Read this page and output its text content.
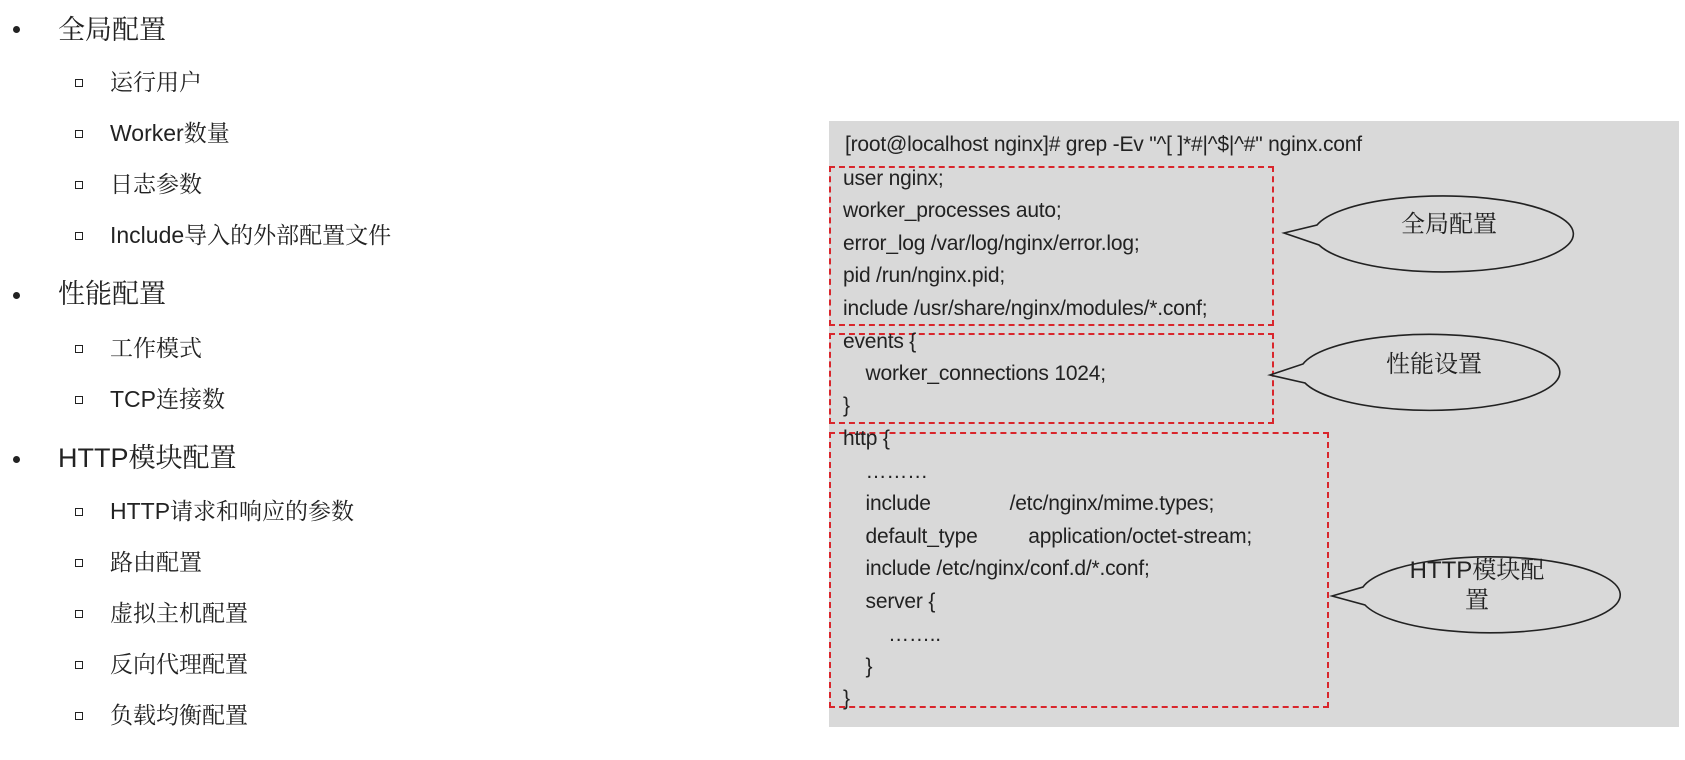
全局配置
运行用户
Worker数量
日志参数
Include导入的外部配置文件
性能配置
工作模式
TCP连接数
HTTP模块配置
HTTP请求和响应的参数
路由配置
虚拟主机配置
反向代理配置
负载均衡配置
[root@localhost nginx]# grep -Ev "^[ ]*#|^$|^#" nginx.conf
user nginx;
worker_processes auto;
error_log /var/log/nginx/error.log;
pid /run/nginx.pid;
include /usr/share/nginx/modules/*.conf;
events {
worker_connections 1024;
}
http {
………
include              /etc/nginx/mime.types;
default_type         application/octet-stream;
include /etc/nginx/conf.d/*.conf;
server {
……..
}
}
全局配置
性能设置
HTTP模块配置
